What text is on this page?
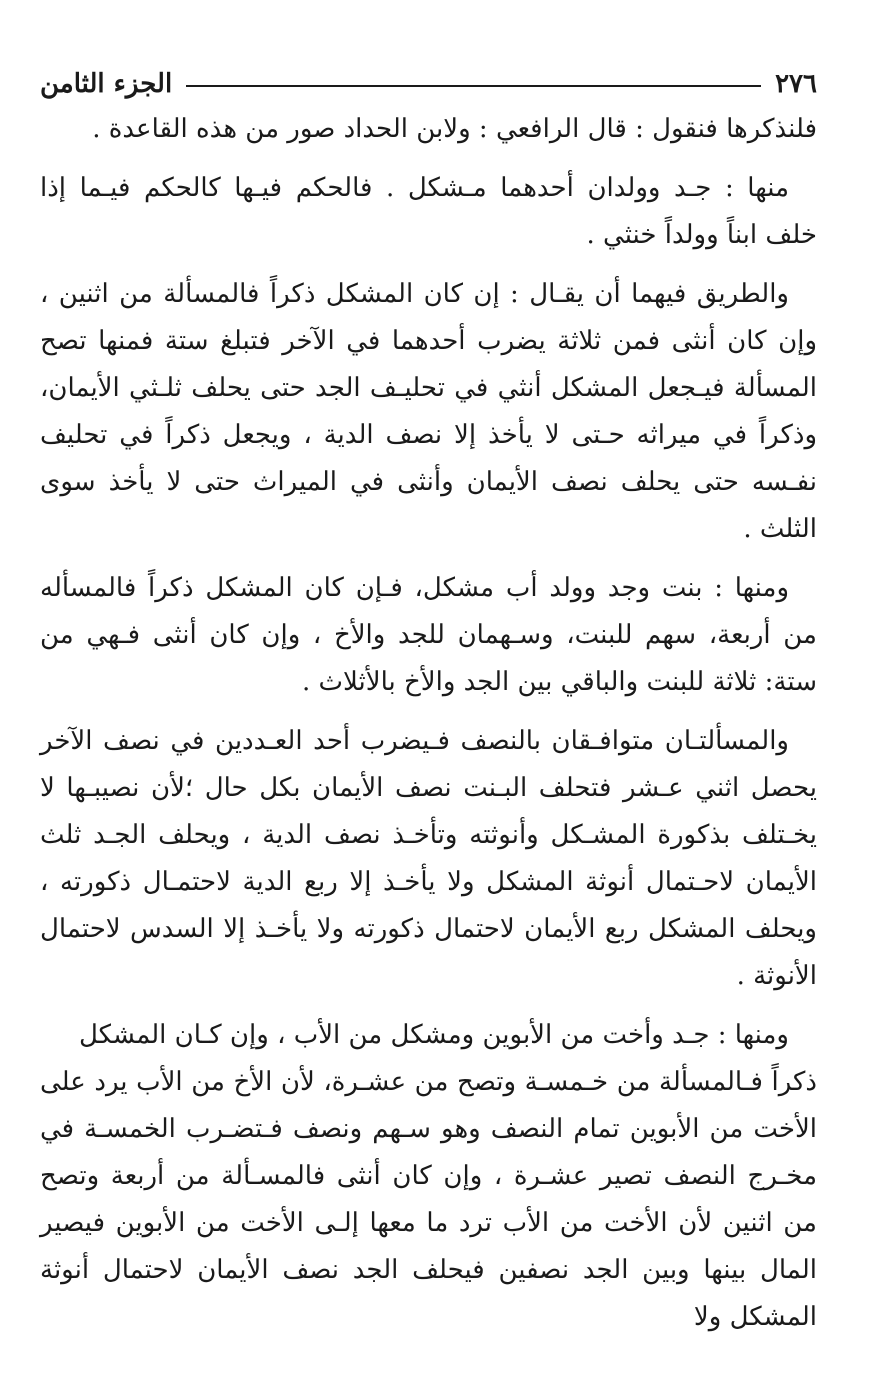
٢٧٦
الجزء الثامن

فلنذكرها فنقول : قال الرافعي : ولابن الحداد صور من هذه القاعدة .

منها : جـد وولدان أحدهما مـشكل . فالحكم فيـها كالحكم فيـما إذا خلف ابناً وولداً خنثي .

والطريق فيهما أن يقـال : إن كان المشكل ذكراً فالمسألة من اثنين ، وإن كان أنثى فمن ثلاثة يضرب أحدهما في الآخر فتبلغ ستة فمنها تصح المسألة فيـجعل المشكل أنثي في تحليـف الجد حتى يحلف ثلـثي الأيمان، وذكراً في ميراثه حـتى لا يأخذ إلا نصف الدية ، ويجعل ذكراً في تحليف نفـسه حتى يحلف نصف الأيمان وأنثى في الميراث حتى لا يأخذ سوى الثلث .

ومنها : بنت وجد وولد أب مشكل، فـإن كان المشكل ذكراً فالمسأله من أربعة، سهم للبنت، وسـهمان للجد والأخ ، وإن كان أنثى فـهي من ستة: ثلاثة للبنت والباقي بين الجد والأخ بالأثلاث .

والمسألتـان متوافـقان بالنصف فـيضرب أحد العـددين في نصف الآخر يحصل اثني عـشر فتحلف البـنت نصف الأيمان بكل حال ؛لأن نصيبـها لا يخـتلف بذكورة المشـكل وأنوثته وتأخـذ نصف الدية ، ويحلف الجـد ثلث الأيمان لاحـتمال أنوثة المشكل ولا يأخـذ إلا ربع الدية لاحتمـال ذكورته ، ويحلف المشكل ربع الأيمان لاحتمال ذكورته ولا يأخـذ إلا السدس لاحتمال الأنوثة .

ومنها : جـد وأخت من الأبوين ومشكل من الأب ، وإن كـان المشكل

ذكراً فـالمسألة من خـمسـة وتصح من عشـرة، لأن الأخ من الأب يرد على الأخت من الأبوين تمام النصف وهو سـهم ونصف فـتضـرب الخمسـة في مخـرج النصف تصير عشـرة ، وإن كان أنثى فالمسـألة من أربعة وتصح من اثنين لأن الأخت من الأب ترد ما معها إلـى الأخت من الأبوين فيصير المال بينها وبين الجد نصفين فيحلف الجد نصف الأيمان لاحتمال أنوثة المشكل ولا
